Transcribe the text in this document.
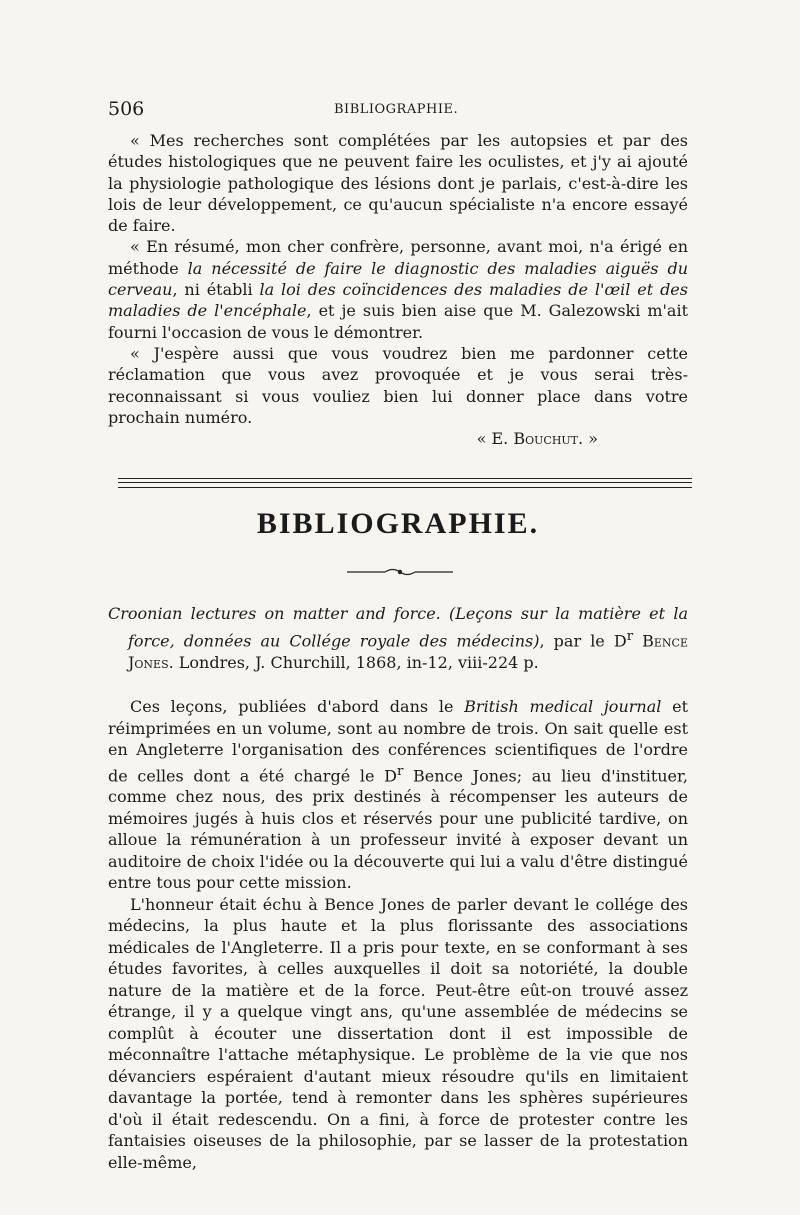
506	BIBLIOGRAPHIE.

« Mes recherches sont complétées par les autopsies et par des études histologiques que ne peuvent faire les oculistes, et j'y ai ajouté la physiologie pathologique des lésions dont je parlais, c'est-à-dire les lois de leur développement, ce qu'aucun spécialiste n'a encore essayé de faire.

« En résumé, mon cher confrère, personne, avant moi, n'a érigé en méthode la nécessité de faire le diagnostic des maladies aiguës du cerveau, ni établi la loi des coïncidences des maladies de l'œil et des maladies de l'encéphale, et je suis bien aise que M. Galezowski m'ait fourni l'occasion de vous le démontrer.

« J'espère aussi que vous voudrez bien me pardonner cette réclamation que vous avez provoquée et je vous serai très-reconnaissant si vous vouliez bien lui donner place dans votre prochain numéro.

« E. Bouchut. »

BIBLIOGRAPHIE.

Croonian lectures on matter and force. (Leçons sur la matière et la force, données au Collége royale des médecins), par le $D^r$ Bence Jones. Londres, J. Churchill, 1868, in-12, viii-224 p.

Ces leçons, publiées d'abord dans le British medical journal et réimprimées en un volume, sont au nombre de trois. On sait quelle est en Angleterre l'organisation des conférences scientifiques de l'ordre de celles dont a été chargé le $D^r$ Bence Jones; au lieu d'instituer, comme chez nous, des prix destinés à récompenser les auteurs de mémoires jugés à huis clos et réservés pour une publicité tardive, on alloue la rémunération à un professeur invité à exposer devant un auditoire de choix l'idée ou la découverte qui lui a valu d'être distingué entre tous pour cette mission.

L'honneur était échu à Bence Jones de parler devant le collége des médecins, la plus haute et la plus florissante des associations médicales de l'Angleterre. Il a pris pour texte, en se conformant à ses études favorites, à celles auxquelles il doit sa notoriété, la double nature de la matière et de la force. Peut-être eût-on trouvé assez étrange, il y a quelque vingt ans, qu'une assemblée de médecins se complût à écouter une dissertation dont il est impossible de méconnaître l'attache métaphysique. Le problème de la vie que nos dévanciers espéraient d'autant mieux résoudre qu'ils en limitaient davantage la portée, tend à remonter dans les sphères supérieures d'où il était redescendu. On a fini, à force de protester contre les fantaisies oiseuses de la philosophie, par se lasser de la protestation elle-même,
